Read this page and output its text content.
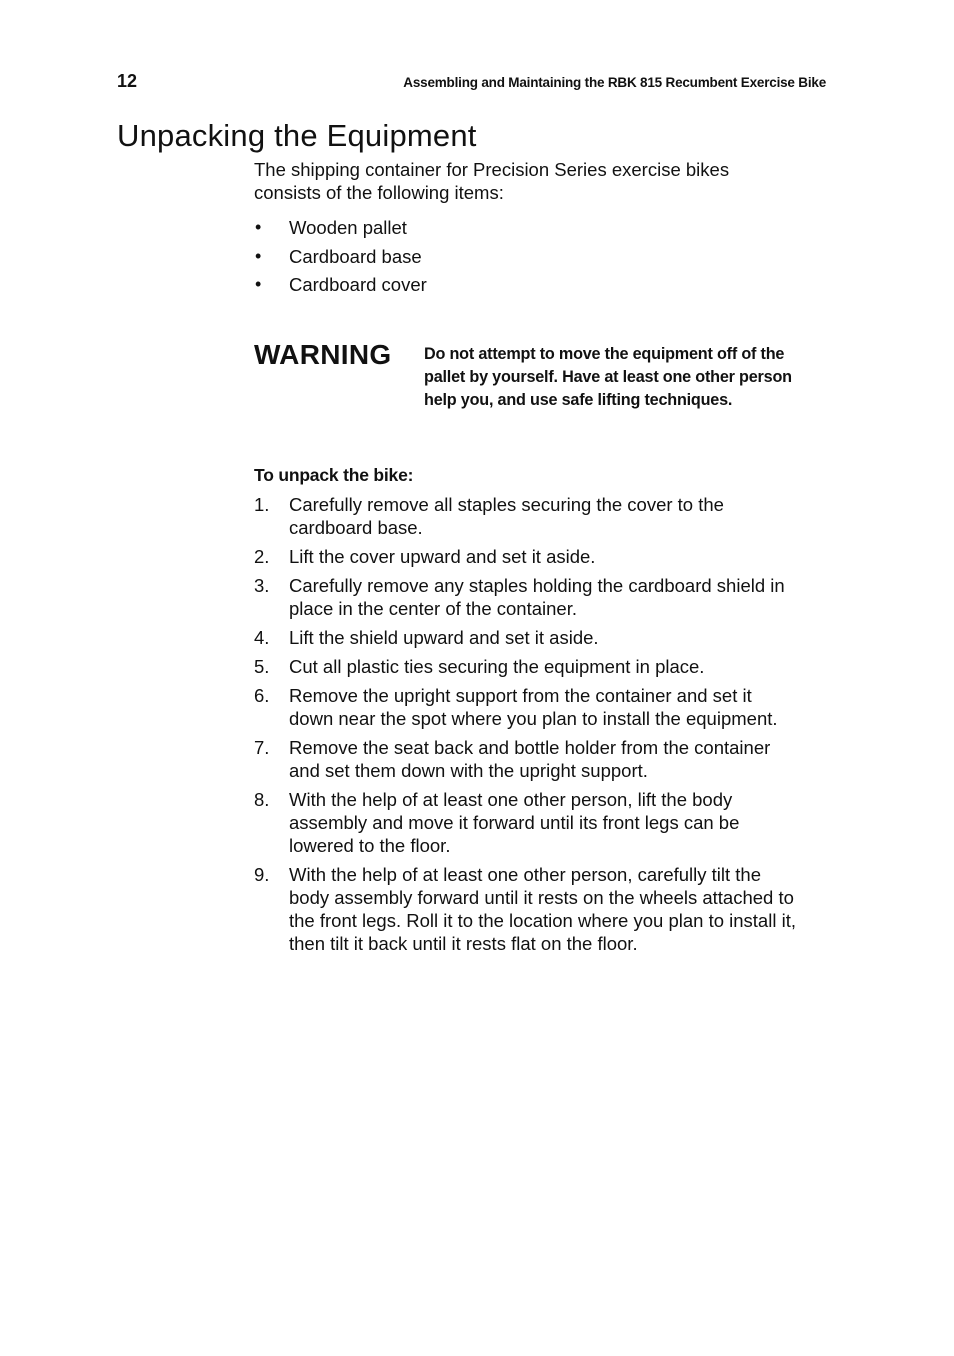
12	Assembling and Maintaining the RBK 815 Recumbent Exercise Bike
Unpacking the Equipment

The shipping container for Precision Series exercise bikes consists of the following items:

• Wooden pallet
• Cardboard base
• Cardboard cover
WARNING Do not attempt to move the equipment off of the pallet by yourself. Have at least one other person help you, and use safe lifting techniques.

To unpack the bike:
1. Carefully remove all staples securing the cover to the cardboard base.
2. Lift the cover upward and set it aside.
3. Carefully remove any staples holding the cardboard shield in place in the center of the container.
4. Lift the shield upward and set it aside.
5. Cut all plastic ties securing the equipment in place.
6. Remove the upright support from the container and set it down near the spot where you plan to install the equipment.
7. Remove the seat back and bottle holder from the container and set them down with the upright support.
8. With the help of at least one other person, lift the body assembly and move it forward until its front legs can be lowered to the floor.
9. With the help of at least one other person, carefully tilt the body assembly forward until it rests on the wheels attached to the front legs. Roll it to the location where you plan to install it, then tilt it back until it rests flat on the floor.
